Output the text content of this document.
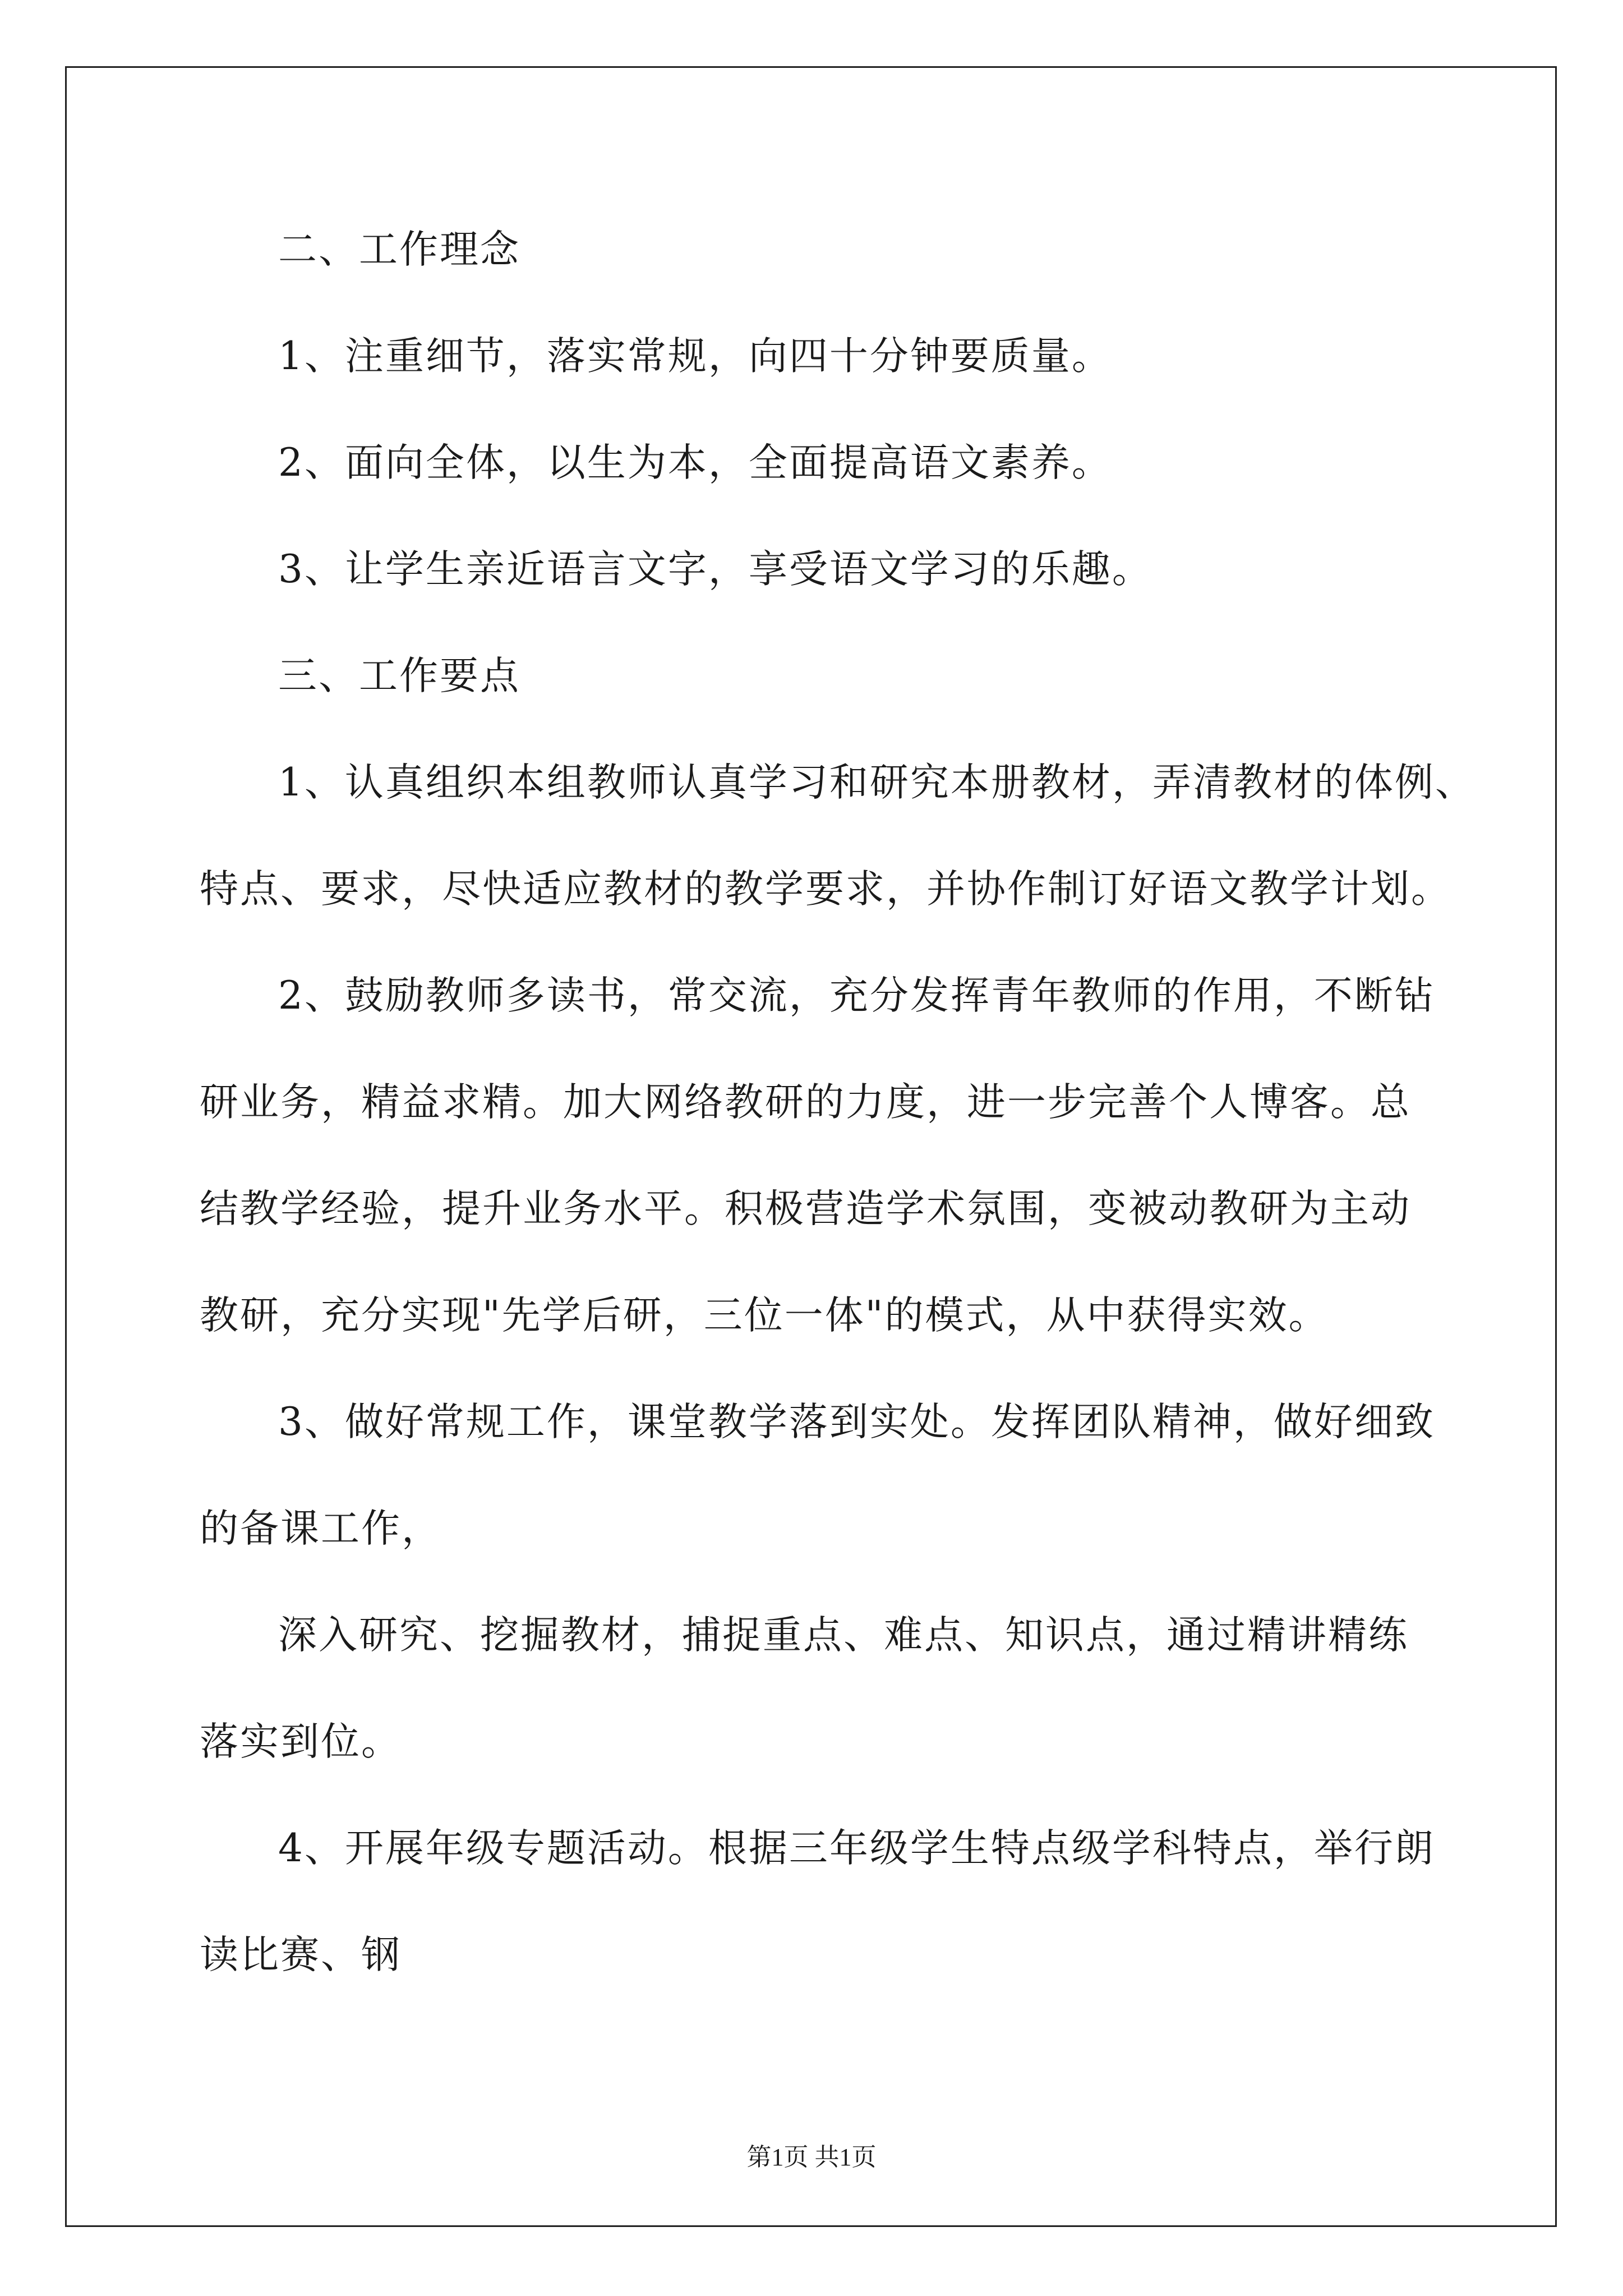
二、工作理念
1、注重细节，落实常规，向四十分钟要质量。
2、面向全体，以生为本，全面提高语文素养。
3、让学生亲近语言文字，享受语文学习的乐趣。
三、工作要点
1、认真组织本组教师认真学习和研究本册教材，弄清教材的体例、
特点、要求，尽快适应教材的教学要求，并协作制订好语文教学计划。
2、鼓励教师多读书，常交流，充分发挥青年教师的作用，不断钻
研业务，精益求精。加大网络教研的力度，进一步完善个人博客。总
结教学经验，提升业务水平。积极营造学术氛围，变被动教研为主动
教研，充分实现"先学后研，三位一体"的模式，从中获得实效。
3、做好常规工作，课堂教学落到实处。发挥团队精神，做好细致
的备课工作，
深入研究、挖掘教材，捕捉重点、难点、知识点，通过精讲精练
落实到位。
4、开展年级专题活动。根据三年级学生特点级学科特点，举行朗
读比赛、钢
第1页 共1页
